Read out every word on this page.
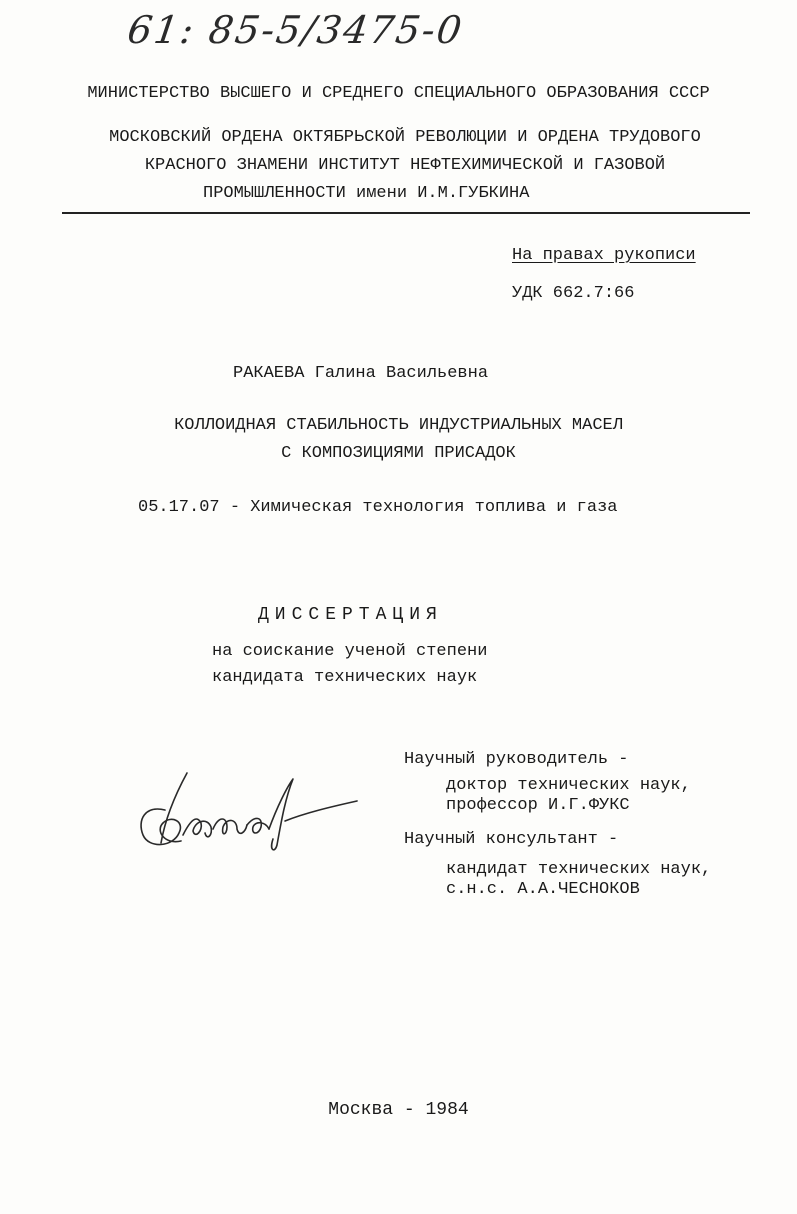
61: 85-5/3475-0
МИНИСТЕРСТВО ВЫСШЕГО И СРЕДНЕГО СПЕЦИАЛЬНОГО ОБРАЗОВАНИЯ СССР
МОСКОВСКИЙ ОРДЕНА ОКТЯБРЬСКОЙ РЕВОЛЮЦИИ И ОРДЕНА ТРУДОВОГО
КРАСНОГО ЗНАМЕНИ ИНСТИТУТ НЕФТЕХИМИЧЕСКОЙ И ГАЗОВОЙ
ПРОМЫШЛЕННОСТИ имени И.М.ГУБКИНА
На правах рукописи
УДК 662.7:66
РАКАЕВА Галина Васильевна
КОЛЛОИДНАЯ СТАБИЛЬНОСТЬ ИНДУСТРИАЛЬНЫХ МАСЕЛ
С КОМПОЗИЦИЯМИ ПРИСАДОК
05.17.07 - Химическая технология топлива и газа
ДИССЕРТАЦИЯ
на соискание ученой степени
кандидата технических наук
Научный руководитель -
доктор технических наук,
профессор И.Г.ФУКС
Научный консультант -
кандидат технических наук,
с.н.с. А.А.ЧЕСНОКОВ
Москва - 1984
